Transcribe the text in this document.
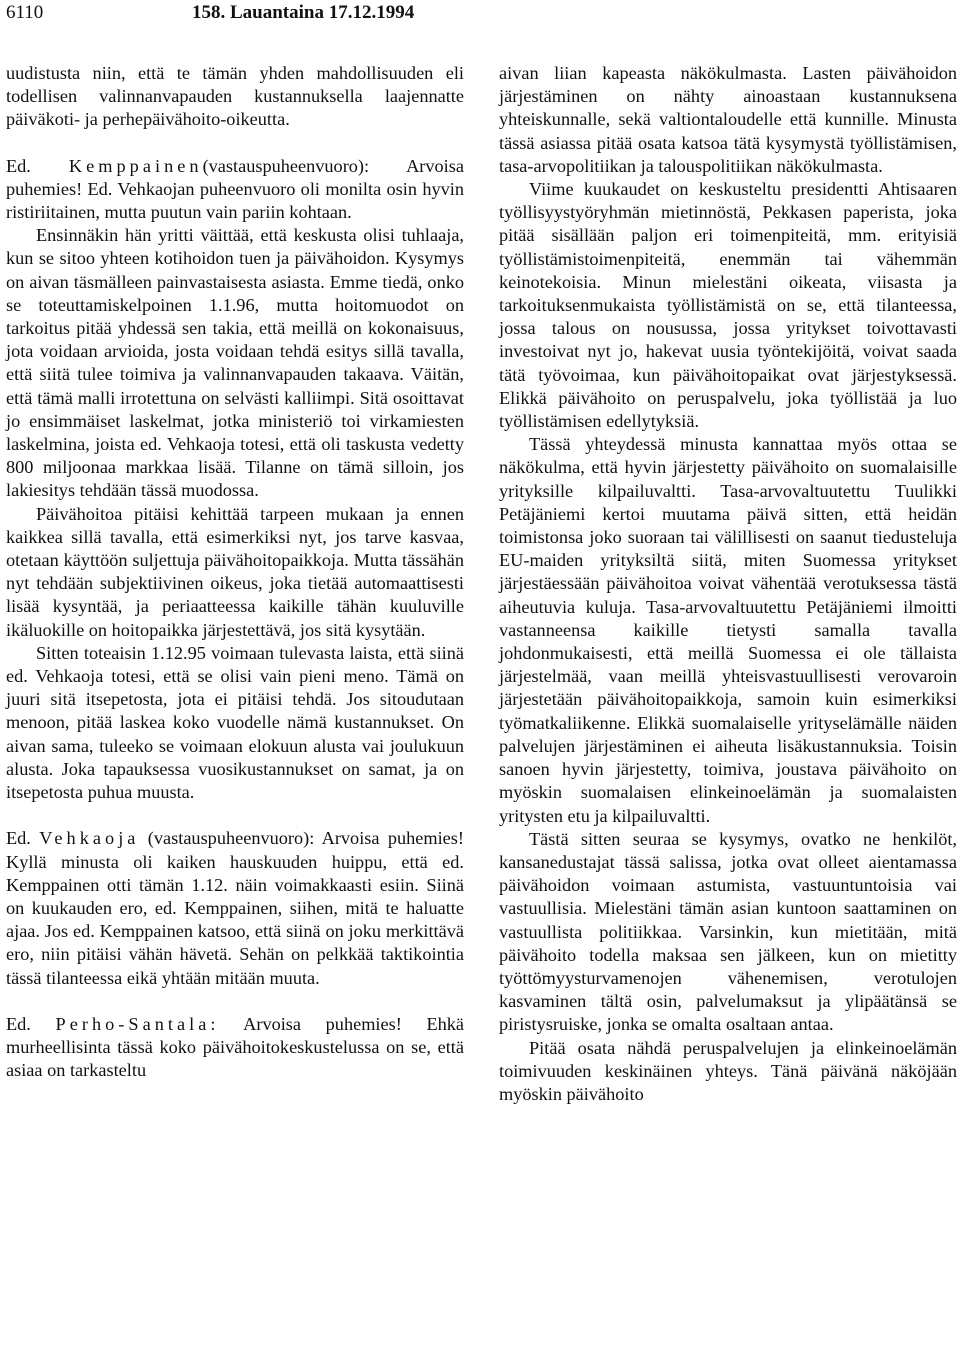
6110	158. Lauantaina 17.12.1994

uudistusta niin, että te tämän yhden mahdollisuuden eli todellisen valinnanvapauden kustannuksella laajennatte päiväkoti- ja perhepäivähoito-oikeutta.

Ed. Kemppainen(vastauspuheenvuoro): Arvoisa puhemies! Ed. Vehkaojan puheenvuoro oli monilta osin hyvin ristiriitainen, mutta puutun vain pariin kohtaan.

Ensinnäkin hän yritti väittää, että keskusta olisi tuhlaaja, kun se sitoo yhteen kotihoidon tuen ja päivähoidon. Kysymys on aivan täsmälleen painvastaisesta asiasta. Emme tiedä, onko se toteuttamiskelpoinen 1.1.96, mutta hoitomuodot on tarkoitus pitää yhdessä sen takia, että meillä on kokonaisuus, jota voidaan arvioida, josta voidaan tehdä esitys sillä tavalla, että siitä tulee toimiva ja valinnanvapauden takaava. Väitän, että tämä malli irrotettuna on selvästi kalliimpi. Sitä osoittavat jo ensimmäiset laskelmat, jotka ministeriö toi virkamiesten laskelmina, joista ed. Vehkaoja totesi, että oli taskusta vedetty 800 miljoonaa markkaa lisää. Tilanne on tämä silloin, jos lakiesitys tehdään tässä muodossa.

Päivähoitoa pitäisi kehittää tarpeen mukaan ja ennen kaikkea sillä tavalla, että esimerkiksi nyt, jos tarve kasvaa, otetaan käyttöön suljettuja päivähoitopaikkoja. Mutta tässähän nyt tehdään subjektiivinen oikeus, joka tietää automaattisesti lisää kysyntää, ja periaatteessa kaikille tähän kuuluville ikäluokille on hoitopaikka järjestettävä, jos sitä kysytään.

Sitten toteaisin 1.12.95 voimaan tulevasta laista, että siinä ed. Vehkaoja totesi, että se olisi vain pieni meno. Tämä on juuri sitä itsepetosta, jota ei pitäisi tehdä. Jos sitoudutaan menoon, pitää laskea koko vuodelle nämä kustannukset. On aivan sama, tuleeko se voimaan elokuun alusta vai joulukuun alusta. Joka tapauksessa vuosikustannukset on samat, ja on itsepetosta puhua muusta.

Ed. Vehkaoja (vastauspuheenvuoro): Arvoisa puhemies! Kyllä minusta oli kaiken hauskuuden huippu, että ed. Kemppainen otti tämän 1.12. näin voimakkaasti esiin. Siinä on kuukauden ero, ed. Kemppainen, siihen, mitä te haluatte ajaa. Jos ed. Kemppainen katsoo, että siinä on joku merkittävä ero, niin pitäisi vähän hävetä. Sehän on pelkkää taktikointia tässä tilanteessa eikä yhtään mitään muuta.

Ed. Perho-Santala: Arvoisa puhemies! Ehkä murheellisinta tässä koko päivähoitokeskustelussa on se, että asiaa on tarkasteltu

aivan liian kapeasta näkökulmasta. Lasten päivähoidon järjestäminen on nähty ainoastaan kustannuksena yhteiskunnalle, sekä valtiontaloudelle että kunnille. Minusta tässä asiassa pitää osata katsoa tätä kysymystä työllistämisen, tasa-arvopolitiikan ja talouspolitiikan näkökulmasta.

Viime kuukaudet on keskusteltu presidentti Ahtisaaren työllisyystyöryhmän mietinnöstä, Pekkasen paperista, joka pitää sisällään paljon eri toimenpiteitä, mm. erityisiä työllistämistoimenpiteitä, enemmän tai vähemmän keinotekoisia. Minun mielestäni oikeata, viisasta ja tarkoituksenmukaista työllistämistä on se, että tilanteessa, jossa talous on nousussa, jossa yritykset toivottavasti investoivat nyt jo, hakevat uusia työntekijöitä, voivat saada tätä työvoimaa, kun päivähoitopaikat ovat järjestyksessä. Elikkä päivähoito on peruspalvelu, joka työllistää ja luo työllistämisen edellytyksiä.

Tässä yhteydessä minusta kannattaa myös ottaa se näkökulma, että hyvin järjestetty päivähoito on suomalaisille yrityksille kilpailuvaltti. Tasa-arvovaltuutettu Tuulikki Petäjäniemi kertoi muutama päivä sitten, että heidän toimistonsa joko suoraan tai välillisesti on saanut tiedusteluja EU-maiden yrityksiltä siitä, miten Suomessa yritykset järjestäessään päivähoitoa voivat vähentää verotuksessa tästä aiheutuvia kuluja. Tasa-arvovaltuutettu Petäjäniemi ilmoitti vastanneensa kaikille tietysti samalla tavalla johdonmukaisesti, että meillä Suomessa ei ole tällaista järjestelmää, vaan meillä yhteisvastuullisesti verovaroin järjestetään päivähoitopaikkoja, samoin kuin esimerkiksi työmatkaliikenne. Elikkä suomalaiselle yrityselämälle näiden palvelujen järjestäminen ei aiheuta lisäkustannuksia. Toisin sanoen hyvin järjestetty, toimiva, joustava päivähoito on myöskin suomalaisen elinkeinoelämän ja suomalaisten yritysten etu ja kilpailuvaltti.

Tästä sitten seuraa se kysymys, ovatko ne henkilöt, kansanedustajat tässä salissa, jotka ovat olleet aientamassa päivähoidon voimaan astumista, vastuuntuntoisia vai vastuullisia. Mielestäni tämän asian kuntoon saattaminen on vastuullista politiikkaa. Varsinkin, kun mietitään, mitä päivähoito todella maksaa sen jälkeen, kun on mietitty työttömyysturvamenojen vähenemisen, verotulojen kasvaminen tältä osin, palvelumaksut ja ylipäätänsä se piristysruiske, jonka se omalta osaltaan antaa.

Pitää osata nähdä peruspalvelujen ja elinkeinoelämän toimivuuden keskinäinen yhteys. Tänä päivänä näköjään myöskin päivähoito
